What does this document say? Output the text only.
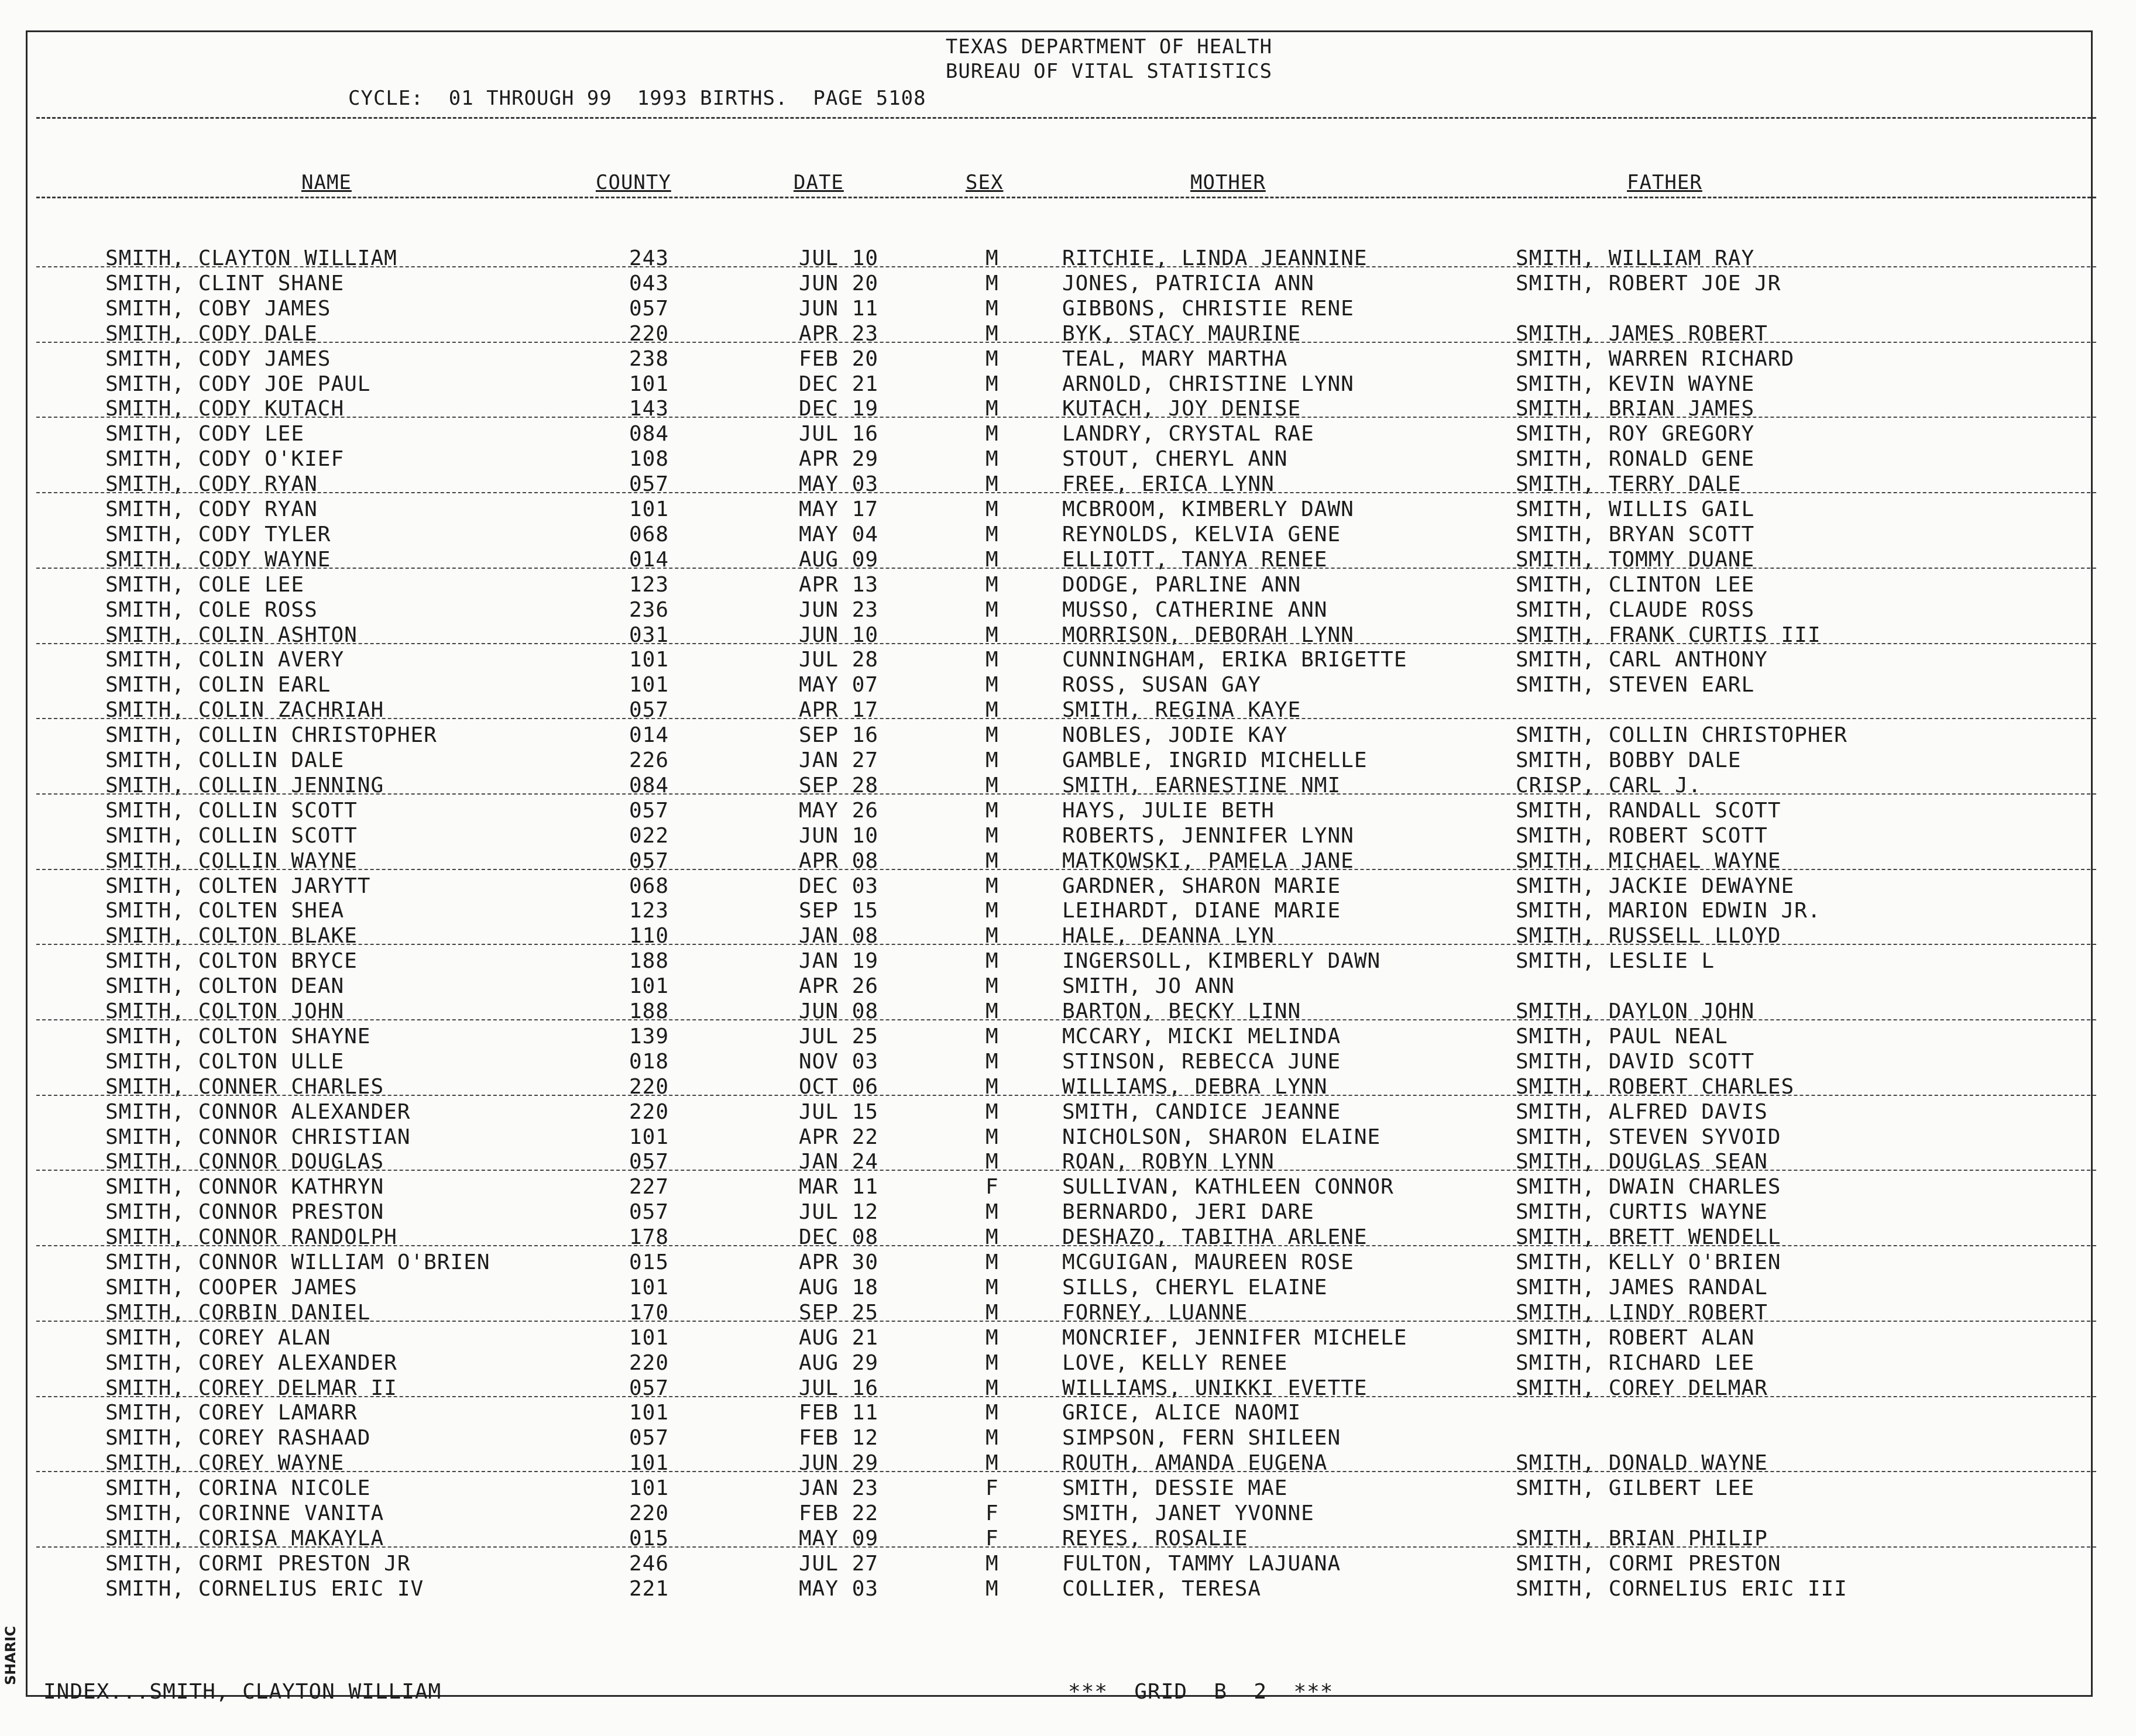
TEXAS DEPARTMENT OF HEALTH
BUREAU OF VITAL STATISTICS
CYCLE:  01 THROUGH 99  1993 BIRTHS.  PAGE 5108
NAME	COUNTY	DATE	SEX	MOTHER	FATHER
SMITH, CLAYTON WILLIAM	243	JUL 10	M	RITCHIE, LINDA JEANNINE	SMITH, WILLIAM RAY
SMITH, CLINT SHANE	043	JUN 20	M	JONES, PATRICIA ANN	SMITH, ROBERT JOE JR
SMITH, COBY JAMES	057	JUN 11	M	GIBBONS, CHRISTIE RENE
SMITH, CODY DALE	220	APR 23	M	BYK, STACY MAURINE	SMITH, JAMES ROBERT
SMITH, CODY JAMES	238	FEB 20	M	TEAL, MARY MARTHA	SMITH, WARREN RICHARD
SMITH, CODY JOE PAUL	101	DEC 21	M	ARNOLD, CHRISTINE LYNN	SMITH, KEVIN WAYNE
SMITH, CODY KUTACH	143	DEC 19	M	KUTACH, JOY DENISE	SMITH, BRIAN JAMES
SMITH, CODY LEE	084	JUL 16	M	LANDRY, CRYSTAL RAE	SMITH, ROY GREGORY
SMITH, CODY O'KIEF	108	APR 29	M	STOUT, CHERYL ANN	SMITH, RONALD GENE
SMITH, CODY RYAN	057	MAY 03	M	FREE, ERICA LYNN	SMITH, TERRY DALE
SMITH, CODY RYAN	101	MAY 17	M	MCBROOM, KIMBERLY DAWN	SMITH, WILLIS GAIL
SMITH, CODY TYLER	068	MAY 04	M	REYNOLDS, KELVIA GENE	SMITH, BRYAN SCOTT
SMITH, CODY WAYNE	014	AUG 09	M	ELLIOTT, TANYA RENEE	SMITH, TOMMY DUANE
SMITH, COLE LEE	123	APR 13	M	DODGE, PARLINE ANN	SMITH, CLINTON LEE
SMITH, COLE ROSS	236	JUN 23	M	MUSSO, CATHERINE ANN	SMITH, CLAUDE ROSS
SMITH, COLIN ASHTON	031	JUN 10	M	MORRISON, DEBORAH LYNN	SMITH, FRANK CURTIS III
SMITH, COLIN AVERY	101	JUL 28	M	CUNNINGHAM, ERIKA BRIGETTE	SMITH, CARL ANTHONY
SMITH, COLIN EARL	101	MAY 07	M	ROSS, SUSAN GAY	SMITH, STEVEN EARL
SMITH, COLIN ZACHRIAH	057	APR 17	M	SMITH, REGINA KAYE
SMITH, COLLIN CHRISTOPHER	014	SEP 16	M	NOBLES, JODIE KAY	SMITH, COLLIN CHRISTOPHER
SMITH, COLLIN DALE	226	JAN 27	M	GAMBLE, INGRID MICHELLE	SMITH, BOBBY DALE
SMITH, COLLIN JENNING	084	SEP 28	M	SMITH, EARNESTINE NMI	CRISP, CARL J.
SMITH, COLLIN SCOTT	057	MAY 26	M	HAYS, JULIE BETH	SMITH, RANDALL SCOTT
SMITH, COLLIN SCOTT	022	JUN 10	M	ROBERTS, JENNIFER LYNN	SMITH, ROBERT SCOTT
SMITH, COLLIN WAYNE	057	APR 08	M	MATKOWSKI, PAMELA JANE	SMITH, MICHAEL WAYNE
SMITH, COLTEN JARYTT	068	DEC 03	M	GARDNER, SHARON MARIE	SMITH, JACKIE DEWAYNE
SMITH, COLTEN SHEA	123	SEP 15	M	LEIHARDT, DIANE MARIE	SMITH, MARION EDWIN JR.
SMITH, COLTON BLAKE	110	JAN 08	M	HALE, DEANNA LYN	SMITH, RUSSELL LLOYD
SMITH, COLTON BRYCE	188	JAN 19	M	INGERSOLL, KIMBERLY DAWN	SMITH, LESLIE L
SMITH, COLTON DEAN	101	APR 26	M	SMITH, JO ANN
SMITH, COLTON JOHN	188	JUN 08	M	BARTON, BECKY LINN	SMITH, DAYLON JOHN
SMITH, COLTON SHAYNE	139	JUL 25	M	MCCARY, MICKI MELINDA	SMITH, PAUL NEAL
SMITH, COLTON ULLE	018	NOV 03	M	STINSON, REBECCA JUNE	SMITH, DAVID SCOTT
SMITH, CONNER CHARLES	220	OCT 06	M	WILLIAMS, DEBRA LYNN	SMITH, ROBERT CHARLES
SMITH, CONNOR ALEXANDER	220	JUL 15	M	SMITH, CANDICE JEANNE	SMITH, ALFRED DAVIS
SMITH, CONNOR CHRISTIAN	101	APR 22	M	NICHOLSON, SHARON ELAINE	SMITH, STEVEN SYVOID
SMITH, CONNOR DOUGLAS	057	JAN 24	M	ROAN, ROBYN LYNN	SMITH, DOUGLAS SEAN
SMITH, CONNOR KATHRYN	227	MAR 11	F	SULLIVAN, KATHLEEN CONNOR	SMITH, DWAIN CHARLES
SMITH, CONNOR PRESTON	057	JUL 12	M	BERNARDO, JERI DARE	SMITH, CURTIS WAYNE
SMITH, CONNOR RANDOLPH	178	DEC 08	M	DESHAZO, TABITHA ARLENE	SMITH, BRETT WENDELL
SMITH, CONNOR WILLIAM O'BRIEN	015	APR 30	M	MCGUIGAN, MAUREEN ROSE	SMITH, KELLY O'BRIEN
SMITH, COOPER JAMES	101	AUG 18	M	SILLS, CHERYL ELAINE	SMITH, JAMES RANDAL
SMITH, CORBIN DANIEL	170	SEP 25	M	FORNEY, LUANNE	SMITH, LINDY ROBERT
SMITH, COREY ALAN	101	AUG 21	M	MONCRIEF, JENNIFER MICHELE	SMITH, ROBERT ALAN
SMITH, COREY ALEXANDER	220	AUG 29	M	LOVE, KELLY RENEE	SMITH, RICHARD LEE
SMITH, COREY DELMAR II	057	JUL 16	M	WILLIAMS, UNIKKI EVETTE	SMITH, COREY DELMAR
SMITH, COREY LAMARR	101	FEB 11	M	GRICE, ALICE NAOMI
SMITH, COREY RASHAAD	057	FEB 12	M	SIMPSON, FERN SHILEEN
SMITH, COREY WAYNE	101	JUN 29	M	ROUTH, AMANDA EUGENA	SMITH, DONALD WAYNE
SMITH, CORINA NICOLE	101	JAN 23	F	SMITH, DESSIE MAE	SMITH, GILBERT LEE
SMITH, CORINNE VANITA	220	FEB 22	F	SMITH, JANET YVONNE
SMITH, CORISA MAKAYLA	015	MAY 09	F	REYES, ROSALIE	SMITH, BRIAN PHILIP
SMITH, CORMI PRESTON JR	246	JUL 27	M	FULTON, TAMMY LAJUANA	SMITH, CORMI PRESTON
SMITH, CORNELIUS ERIC IV	221	MAY 03	M	COLLIER, TERESA	SMITH, CORNELIUS ERIC III
INDEX...SMITH, CLAYTON WILLIAM	***  GRID  B  2  ***
SHARIC
